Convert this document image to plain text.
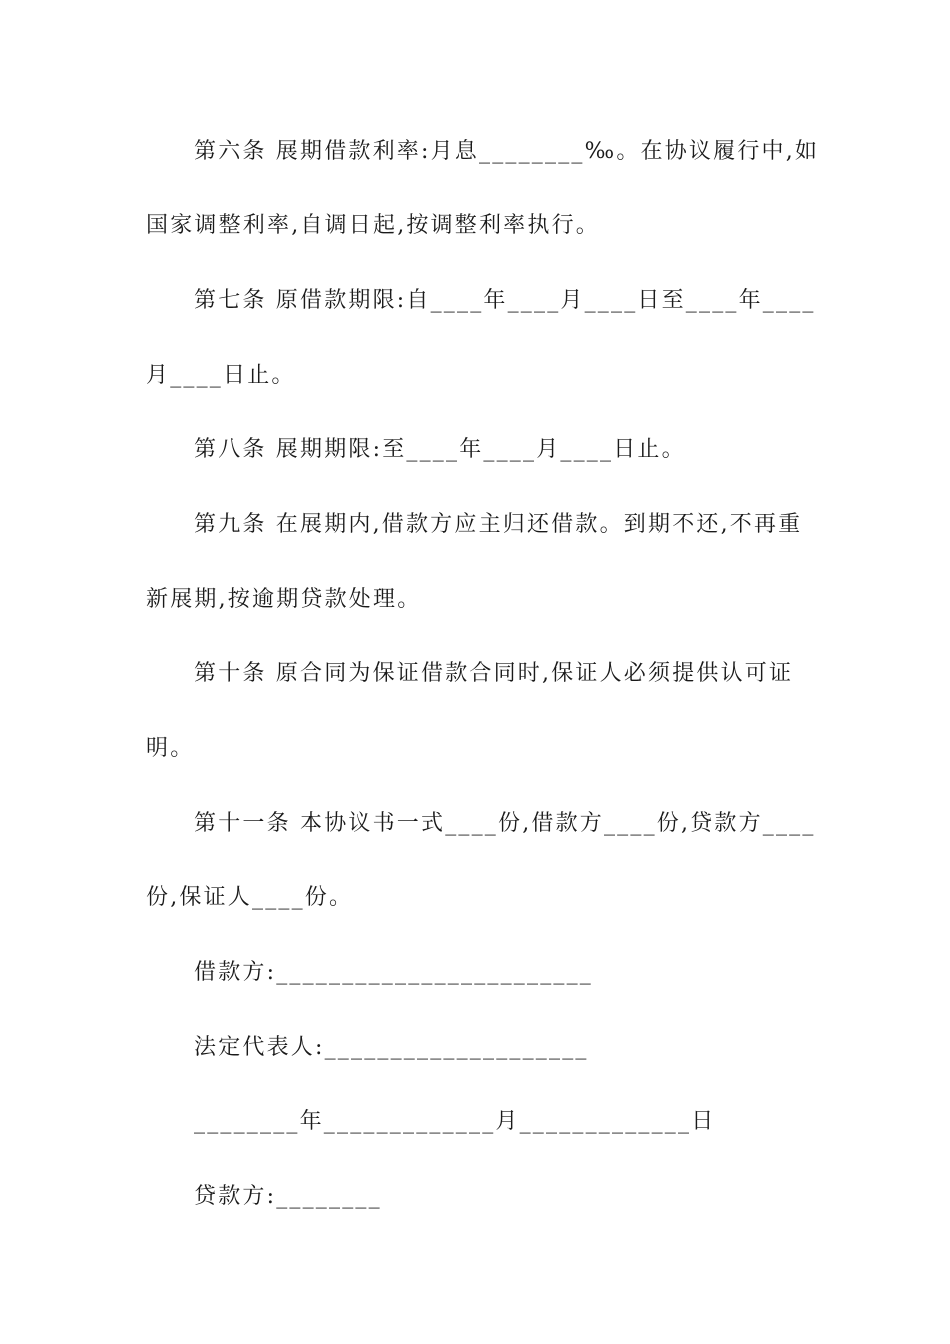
第六条 展期借款利率:月息________‰。在协议履行中,如
国家调整利率,自调日起,按调整利率执行。
第七条 原借款期限:自____年____月____日至____年____
月____日止。
第八条 展期期限:至____年____月____日止。
第九条 在展期内,借款方应主归还借款。到期不还,不再重
新展期,按逾期贷款处理。
第十条 原合同为保证借款合同时,保证人必须提供认可证
明。
第十一条 本协议书一式____份,借款方____份,贷款方____
份,保证人____份。
借款方:________________________
法定代表人:____________________
________年_____________月_____________日
贷款方:________
